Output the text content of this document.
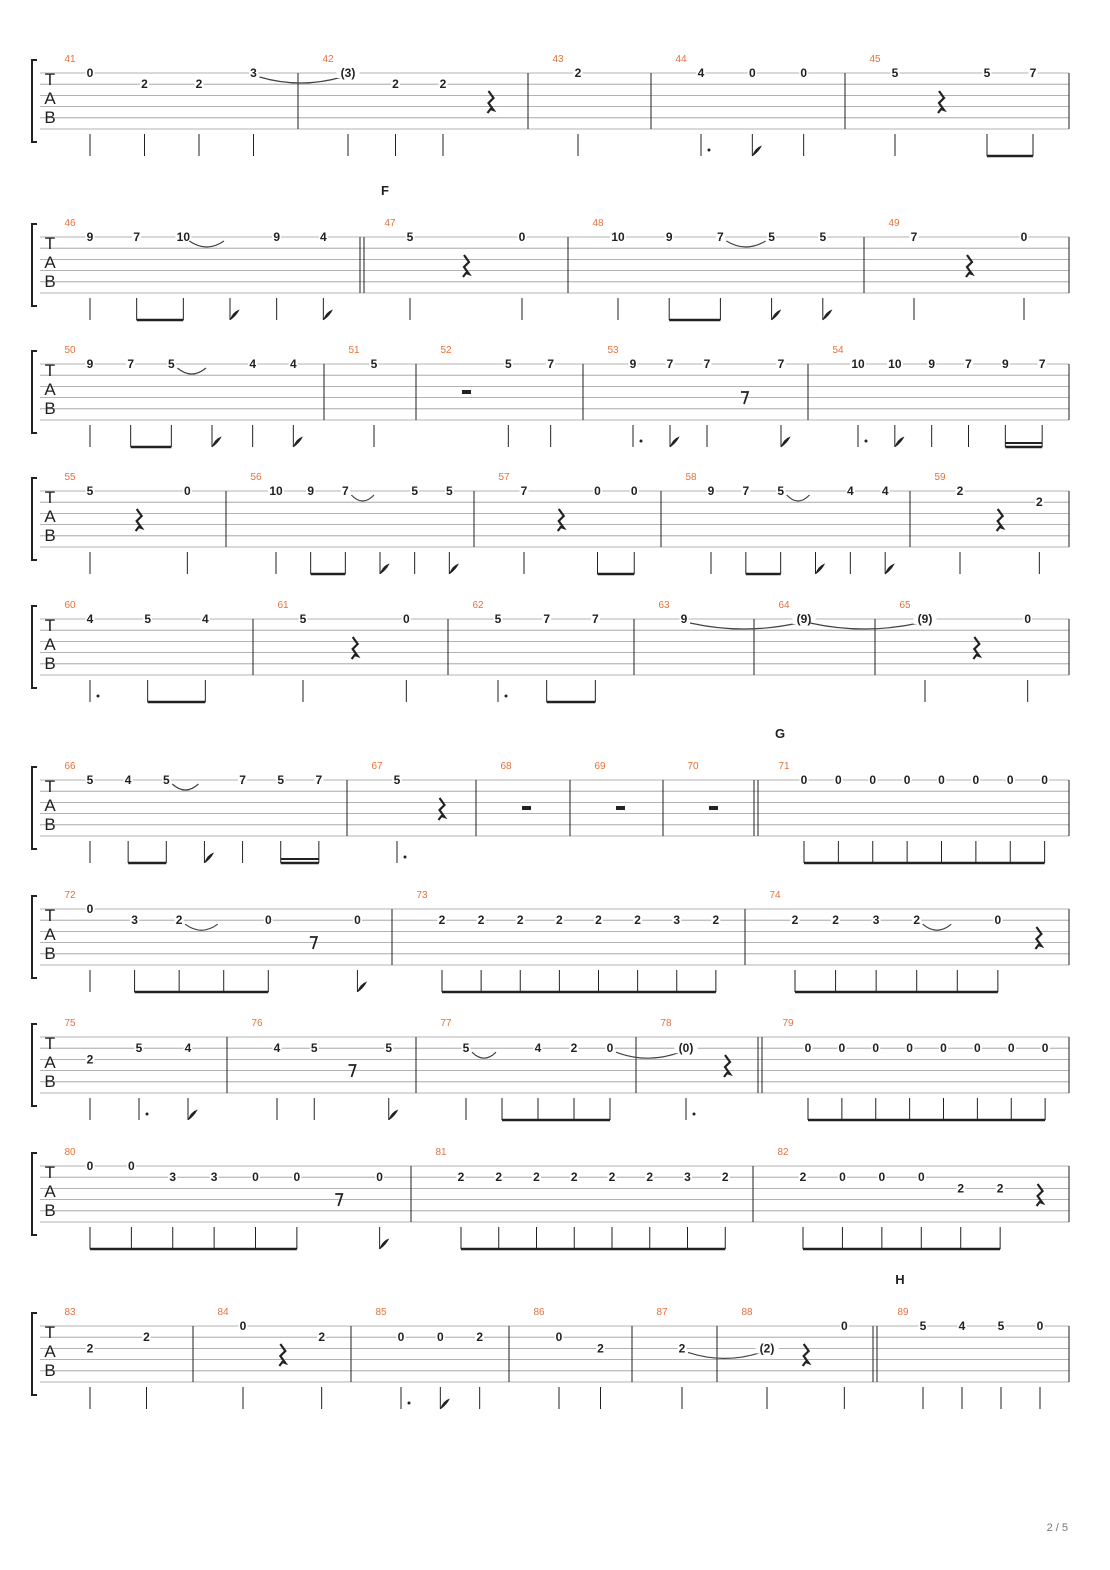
T
A
B
41
0
2	2
3
42
(3)
2	2
43
2
44
4	0	0
45
5	5	7
T
A
B
F
46
9	7	10	9	4
47
5	0
48
10	9	7	5	5
49
7	0
T
A
B
50
9	7	5	4	4
51
5
52
5	7
53
9	7	7	7
54
10 10 9	7	9	7
T
A
B
55
5	0
56
10 9 7	5 5
57
7	0	0
58
9 7 5	4 4
59
2
2
T
A
B
60
4	5	4
61
5	0
62
5	7	7
63
9
64
(9)
65
(9)	0
T
A
B
G
66
5	4	5	7	5	7
67
5
68	69	70	71
0 0 0 0 0 0 0 0
T
A
B
72
0
3	2	0	0
73
2	2	2	2	2	2	3	2
74
2	2	3	2	0
T
A
B
75
2
5	4
76
4	5	5
77
5	4 2 0
78
(0)
79
0 0 0 0 0 0 0 0
T
A
B
80
0	0
3	3	0	0	0
81
2	2	2	2	2	2	3	2
82
2	0	0	0
2	2
T
A
B
H
83
2
2
84
0
2
85
0	0	2
86
0
2
87
2
88
(2)
0
89
5	4	5	0
2 / 5
